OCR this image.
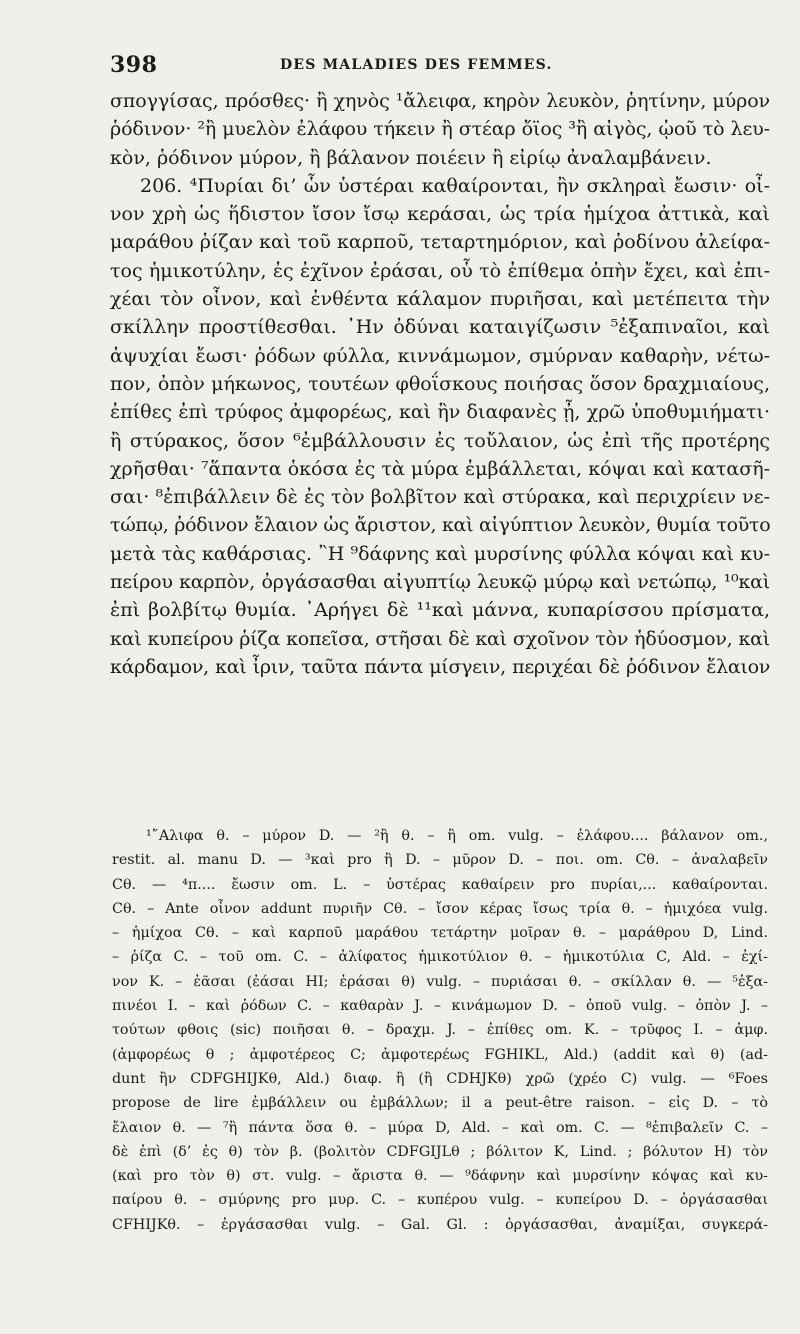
398	DES MALADIES DES FEMMES.
σπογγίσας, πρόσθες· ἢ χηνὸς ¹ἄλειφα, κηρὸν λευκὸν, ῥητίνην, μύρον
ῥόδινον· ²ἢ μυελὸν ἐλάφου τήκειν ἢ στέαρ ὄϊος ³ἢ αἰγὸς, ᾠοῦ τὸ λευ-
κὸν, ῥόδινον μύρον, ἢ βάλανον ποιέειν ἢ εἰρίῳ ἀναλαμβάνειν.
206. ⁴Πυρίαι δι’ ὧν ὑστέραι καθαίρονται, ἢν σκληραὶ ἔωσιν· οἶ-
νον χρὴ ὡς ἥδιστον ἴσον ἴσῳ κεράσαι, ὡς τρία ἡμίχοα ἀττικὰ, καὶ
μαράθου ῥίζαν καὶ τοῦ καρποῦ, τεταρτημόριον, καὶ ῥοδίνου ἀλείφα-
τος ἡμικοτύλην, ἐς ἐχῖνον ἐράσαι, οὗ τὸ ἐπίθεμα ὀπὴν ἔχει, καὶ ἐπι-
χέαι τὸν οἶνον, καὶ ἐνθέντα κάλαμον πυριῆσαι, καὶ μετέπειτα τὴν
σκίλλην προστίθεσθαι. ᾽Ην ὀδύναι καταιγίζωσιν ⁵ἐξαπιναῖοι, καὶ
ἀψυχίαι ἔωσι· ῥόδων φύλλα, κιννάμωμον, σμύρναν καθαρὴν, νέτω-
πον, ὀπὸν μήκωνος, τουτέων φθοΐσκους ποιήσας ὅσον δραχμιαίους,
ἐπίθες ἐπὶ τρύφος ἀμφορέως, καὶ ἢν διαφανὲς ᾖ, χρῶ ὑποθυμιήματι·
ἢ στύρακος, ὅσον ⁶ἐμβάλλουσιν ἐς τοὔλαιον, ὡς ἐπὶ τῆς προτέρης
χρῆσθαι· ⁷ἅπαντα ὁκόσα ἐς τὰ μύρα ἐμβάλλεται, κόψαι καὶ κατασῆ-
σαι· ⁸ἐπιβάλλειν δὲ ἐς τὸν βολβῖτον καὶ στύρακα, καὶ περιχρίειν νε-
τώπῳ, ῥόδινον ἔλαιον ὡς ἄριστον, καὶ αἰγύπτιον λευκὸν, θυμία τοῦτο
μετὰ τὰς καθάρσιας. ῍Η ⁹δάφνης καὶ μυρσίνης φύλλα κόψαι καὶ κυ-
πείρου καρπὸν, ὀργάσασθαι αἰγυπτίῳ λευκῷ μύρῳ καὶ νετώπῳ, ¹⁰καὶ
ἐπὶ βολβίτῳ θυμία. ᾽Αρήγει δὲ ¹¹καὶ μάννα, κυπαρίσσου πρίσματα,
καὶ κυπείρου ῥίζα κοπεῖσα, στῆσαι δὲ καὶ σχοῖνον τὸν ἡδύοσμον, καὶ
κάρδαμον, καὶ ἶριν, ταῦτα πάντα μίσγειν, περιχέαι δὲ ῥόδινον ἔλαιον
¹῎Αλιφα θ. – μύρον D. — ²ἢ θ. – ἢ om. vulg. – ἐλάφου.... βάλανον om.,
restit. al. manu D. — ³καὶ pro ἢ D. – μῦρον D. – ποι. om. Cθ. – ἀναλαβεῖν
Cθ. — ⁴π.... ἔωσιν om. L. – ὑστέρας καθαίρειν pro πυρίαι,... καθαίρονται.
Cθ. – Ante οἶνον addunt πυριῆν Cθ. – ἴσον κέρας ἴσως τρία θ. – ἡμιχόεα vulg.
– ἡμίχοα Cθ. – καὶ καρποῦ μαράθου τετάρτην μοῖραν θ. – μαράθρου D, Lind.
– ῥίζα C. – τοῦ om. C. – ἀλίφατος ἡμικοτύλιον θ. – ἡμικοτύλια C, Ald. – ἐχί-
νον K. – ἐᾶσαι (ἐάσαι HI; ἐράσαι θ) vulg. – πυριάσαι θ. – σκίλλαν θ. — ⁵ἐξα-
πινέοι I. – καὶ ῥόδων C. – καθαρὰν J. – κινάμωμον D. – ὀποῦ vulg. – ὀπὸν J. –
τούτων φθοις (sic) ποιῆσαι θ. – δραχμ. J. – ἐπίθες om. K. – τρῦφος I. – ἀμφ.
(ἀμφορέως θ ; ἀμφοτέρεος C; ἀμφοτερέως FGHIKL, Ald.) (addit καὶ θ) (ad-
dunt ἢν CDFGHIJKθ, Ald.) διαφ. ἢ (ἢ CDHJKθ) χρῶ (χρέο C) vulg. — ⁶Foes
propose de lire ἐμβάλλειν ou ἐμβάλλων; il a peut-être raison. – εἰς D. – τὸ
ἔλαιον θ. — ⁷ἢ πάντα ὅσα θ. – μύρα D, Ald. – καὶ om. C. — ⁸ἐπιβαλεῖν C. –
δὲ ἐπὶ (δ’ ἐς θ) τὸν β. (βολιτὸν CDFGIJLθ ; βόλιτον K, Lind. ; βόλυτον H) τὸν
(καὶ pro τὸν θ) στ. vulg. – ἄριστα θ. — ⁹δάφνην καὶ μυρσίνην κόψας καὶ κυ-
παίρου θ. – σμύρνης pro μυρ. C. – κυπέρου vulg. – κυπείρου D. – ὀργάσασθαι
CFHIJKθ. – ἐργάσασθαι vulg. – Gal. Gl. : ὀργάσασθαι, ἀναμίξαι, συγκερά-
